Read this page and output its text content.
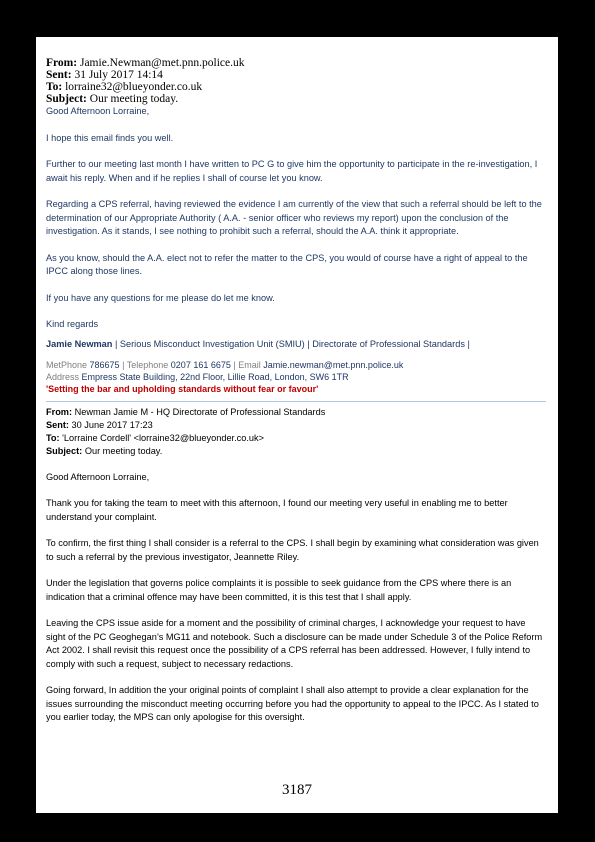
From: Jamie.Newman@met.pnn.police.uk
Sent: 31 July 2017 14:14
To: lorraine32@blueyonder.co.uk
Subject: Our meeting today.
Good Afternoon Lorraine,
I hope this email finds you well.
Further to our meeting last month I have written to PC G to give him the opportunity to participate in the re-investigation, I await his reply. When and if he replies I shall of course let you know.
Regarding a CPS referral, having reviewed the evidence I am currently of the view that such a referral should be left to the determination of our Appropriate Authority ( A.A. - senior officer who reviews my report) upon the conclusion of the investigation. As it stands, I see nothing to prohibit such a referral, should the A.A. think it appropriate.
As you know, should the A.A. elect not to refer the matter to the CPS, you would of course have a right of appeal to the IPCC along those lines.
If you have any questions for me please do let me know.
Kind regards
Jamie Newman | Serious Misconduct Investigation Unit (SMIU) | Directorate of Professional Standards |
MetPhone 786675 | Telephone 0207 161 6675 | Email Jamie.newman@met.pnn.police.uk
Address Empress State Building, 22nd Floor, Lillie Road, London, SW6 1TR
'Setting the bar and upholding standards without fear or favour'
From: Newman Jamie M - HQ Directorate of Professional Standards
Sent: 30 June 2017 17:23
To: 'Lorraine Cordell' <lorraine32@blueyonder.co.uk>
Subject: Our meeting today.
Good Afternoon Lorraine,
Thank you for taking the team to meet with this afternoon, I found our meeting very useful in enabling me to better understand your complaint.
To confirm, the first thing I shall consider is a referral to the CPS. I shall begin by examining what consideration was given to such a referral by the previous investigator, Jeannette Riley.
Under the legislation that governs police complaints it is possible to seek guidance from the CPS where there is an indication that a criminal offence may have been committed, it is this test that I shall apply.
Leaving the CPS issue aside for a moment and the possibility of criminal charges, I acknowledge your request to have sight of the PC Geoghegan’s MG11 and notebook. Such a disclosure can be made under Schedule 3 of the Police Reform Act 2002. I shall revisit this request once the possibility of a CPS referral has been addressed. However, I fully intend to comply with such a request, subject to necessary redactions.
Going forward, In addition the your original points of complaint I shall also attempt to provide a clear explanation for the issues surrounding the misconduct meeting occurring before you had the opportunity to appeal to the IPCC. As I stated to you earlier today, the MPS can only apologise for this oversight.
3187
